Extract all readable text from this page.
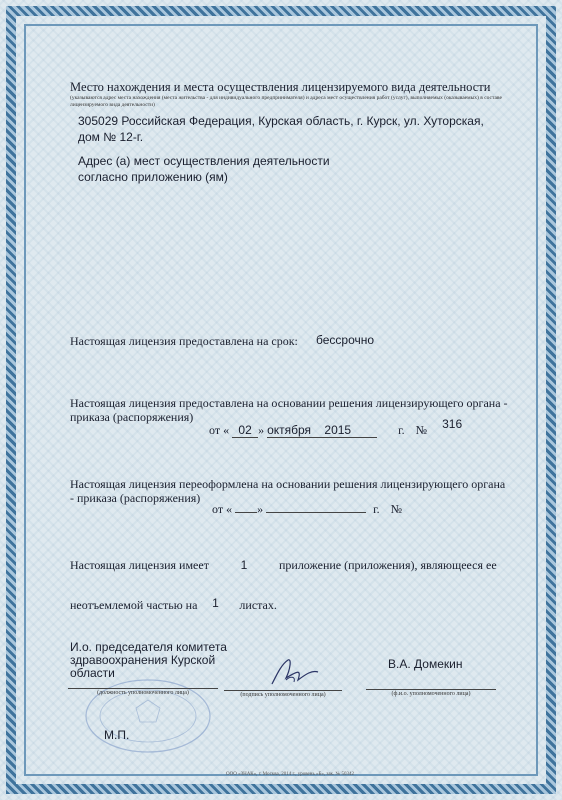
Место нахождения и места осуществления лицензируемого вида деятельности
(указываются адрес места нахождения (места жительства - для индивидуального предпринимателя) и адреса мест осуществления работ (услуг), выполняемых (оказываемых) в составе лицензируемого вида деятельности)
305029 Российская Федерация, Курская область, г. Курск, ул. Хуторская, дом № 12-г.
Адрес (а) мест осуществления деятельности согласно приложению (ям)
Настоящая лицензия предоставлена на срок: бессрочно
Настоящая лицензия предоставлена на основании решения лицензирующего органа - приказа (распоряжения)
от « 02 » октября 2015	г. № 316
Настоящая лицензия переоформлена на основании решения лицензирующего органа - приказа (распоряжения)
от « »	г. №
Настоящая лицензия имеет	1	приложение (приложения), являющееся ее
неотъемлемой частью на 1 листах.
И.о. председателя комитета здравоохранения Курской области
(должность уполномоченного лица)	(подпись уполномоченного лица)
В.А. Домекин
(ф.и.о. уполномоченного лица)
М.П.
ООО «ЗНАК», г. Москва, 2014 г., уровень «Б», зак. № 50342
